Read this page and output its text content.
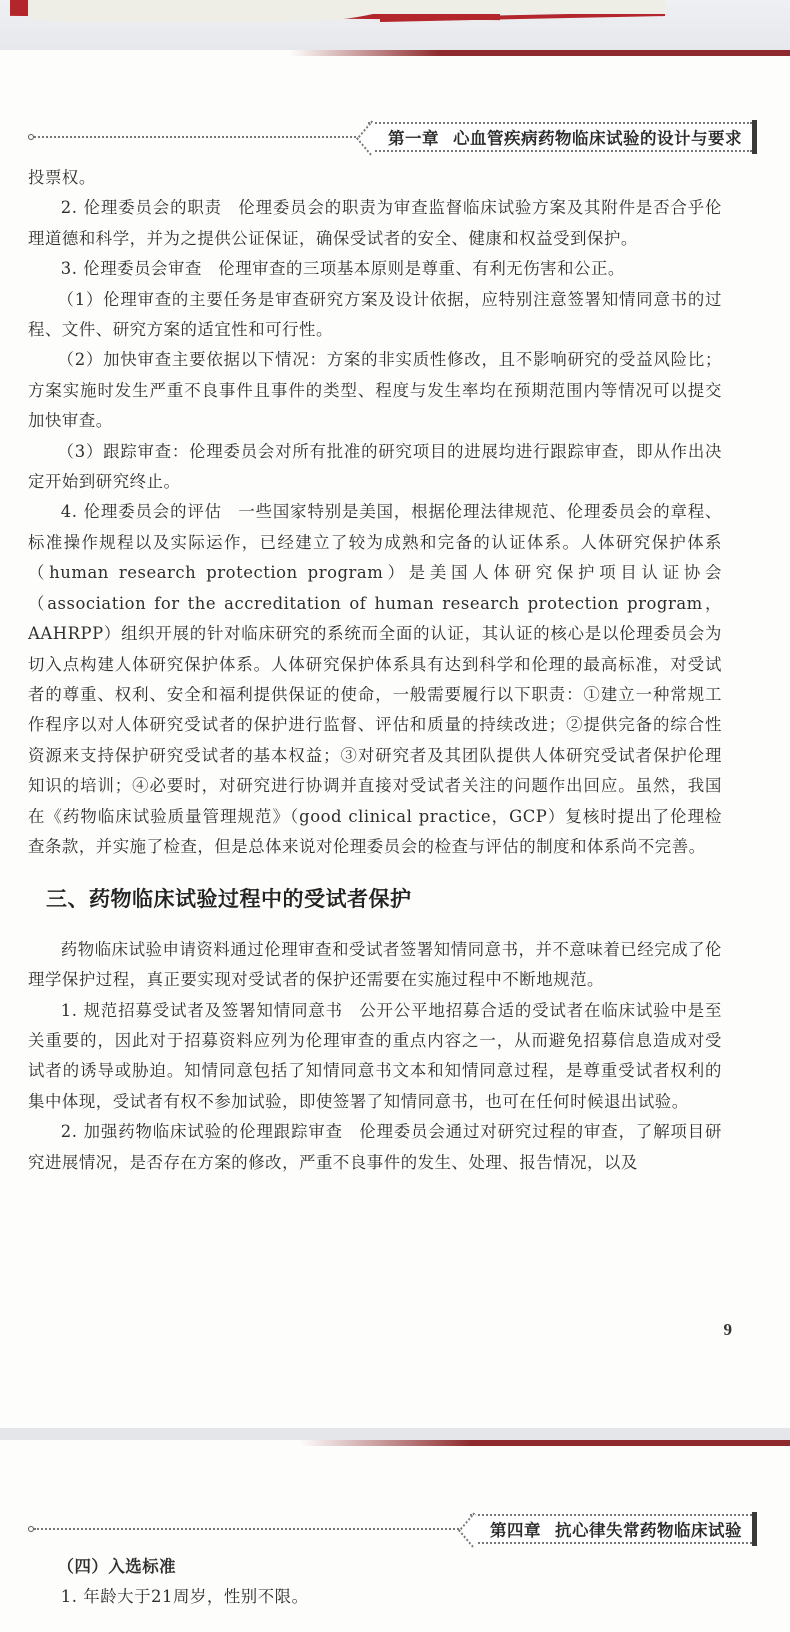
第一章 心血管疾病药物临床试验的设计与要求

投票权。

2. 伦理委员会的职责 伦理委员会的职责为审查监督临床试验方案及其附件是否合乎伦理道德和科学，并为之提供公证保证，确保受试者的安全、健康和权益受到保护。

3. 伦理委员会审查 伦理审查的三项基本原则是尊重、有利无伤害和公正。

（1）伦理审查的主要任务是审查研究方案及设计依据，应特别注意签署知情同意书的过程、文件、研究方案的适宜性和可行性。

（2）加快审查主要依据以下情况：方案的非实质性修改，且不影响研究的受益风险比；方案实施时发生严重不良事件且事件的类型、程度与发生率均在预期范围内等情况可以提交加快审查。

（3）跟踪审查：伦理委员会对所有批准的研究项目的进展均进行跟踪审查，即从作出决定开始到研究终止。

4. 伦理委员会的评估 一些国家特别是美国，根据伦理法律规范、伦理委员会的章程、标准操作规程以及实际运作，已经建立了较为成熟和完备的认证体系。人体研究保护体系（human research protection program）是美国人体研究保护项目认证协会（association for the accreditation of human research protection program，AAHRPP）组织开展的针对临床研究的系统而全面的认证，其认证的核心是以伦理委员会为切入点构建人体研究保护体系。人体研究保护体系具有达到科学和伦理的最高标准，对受试者的尊重、权利、安全和福利提供保证的使命，一般需要履行以下职责：①建立一种常规工作程序以对人体研究受试者的保护进行监督、评估和质量的持续改进；②提供完备的综合性资源来支持保护研究受试者的基本权益；③对研究者及其团队提供人体研究受试者保护伦理知识的培训；④必要时，对研究进行协调并直接对受试者关注的问题作出回应。虽然，我国在《药物临床试验质量管理规范》（good clinical practice，GCP）复核时提出了伦理检查条款，并实施了检查，但是总体来说对伦理委员会的检查与评估的制度和体系尚不完善。

三、药物临床试验过程中的受试者保护

药物临床试验申请资料通过伦理审查和受试者签署知情同意书，并不意味着已经完成了伦理学保护过程，真正要实现对受试者的保护还需要在实施过程中不断地规范。

1. 规范招募受试者及签署知情同意书 公开公平地招募合适的受试者在临床试验中是至关重要的，因此对于招募资料应列为伦理审查的重点内容之一，从而避免招募信息造成对受试者的诱导或胁迫。知情同意包括了知情同意书文本和知情同意过程，是尊重受试者权利的集中体现，受试者有权不参加试验，即使签署了知情同意书，也可在任何时候退出试验。

2. 加强药物临床试验的伦理跟踪审查 伦理委员会通过对研究过程的审查，了解项目研究进展情况，是否存在方案的修改，严重不良事件的发生、处理、报告情况，以及

9
第四章 抗心律失常药物临床试验

（四）入选标准

1. 年龄大于21周岁，性别不限。
